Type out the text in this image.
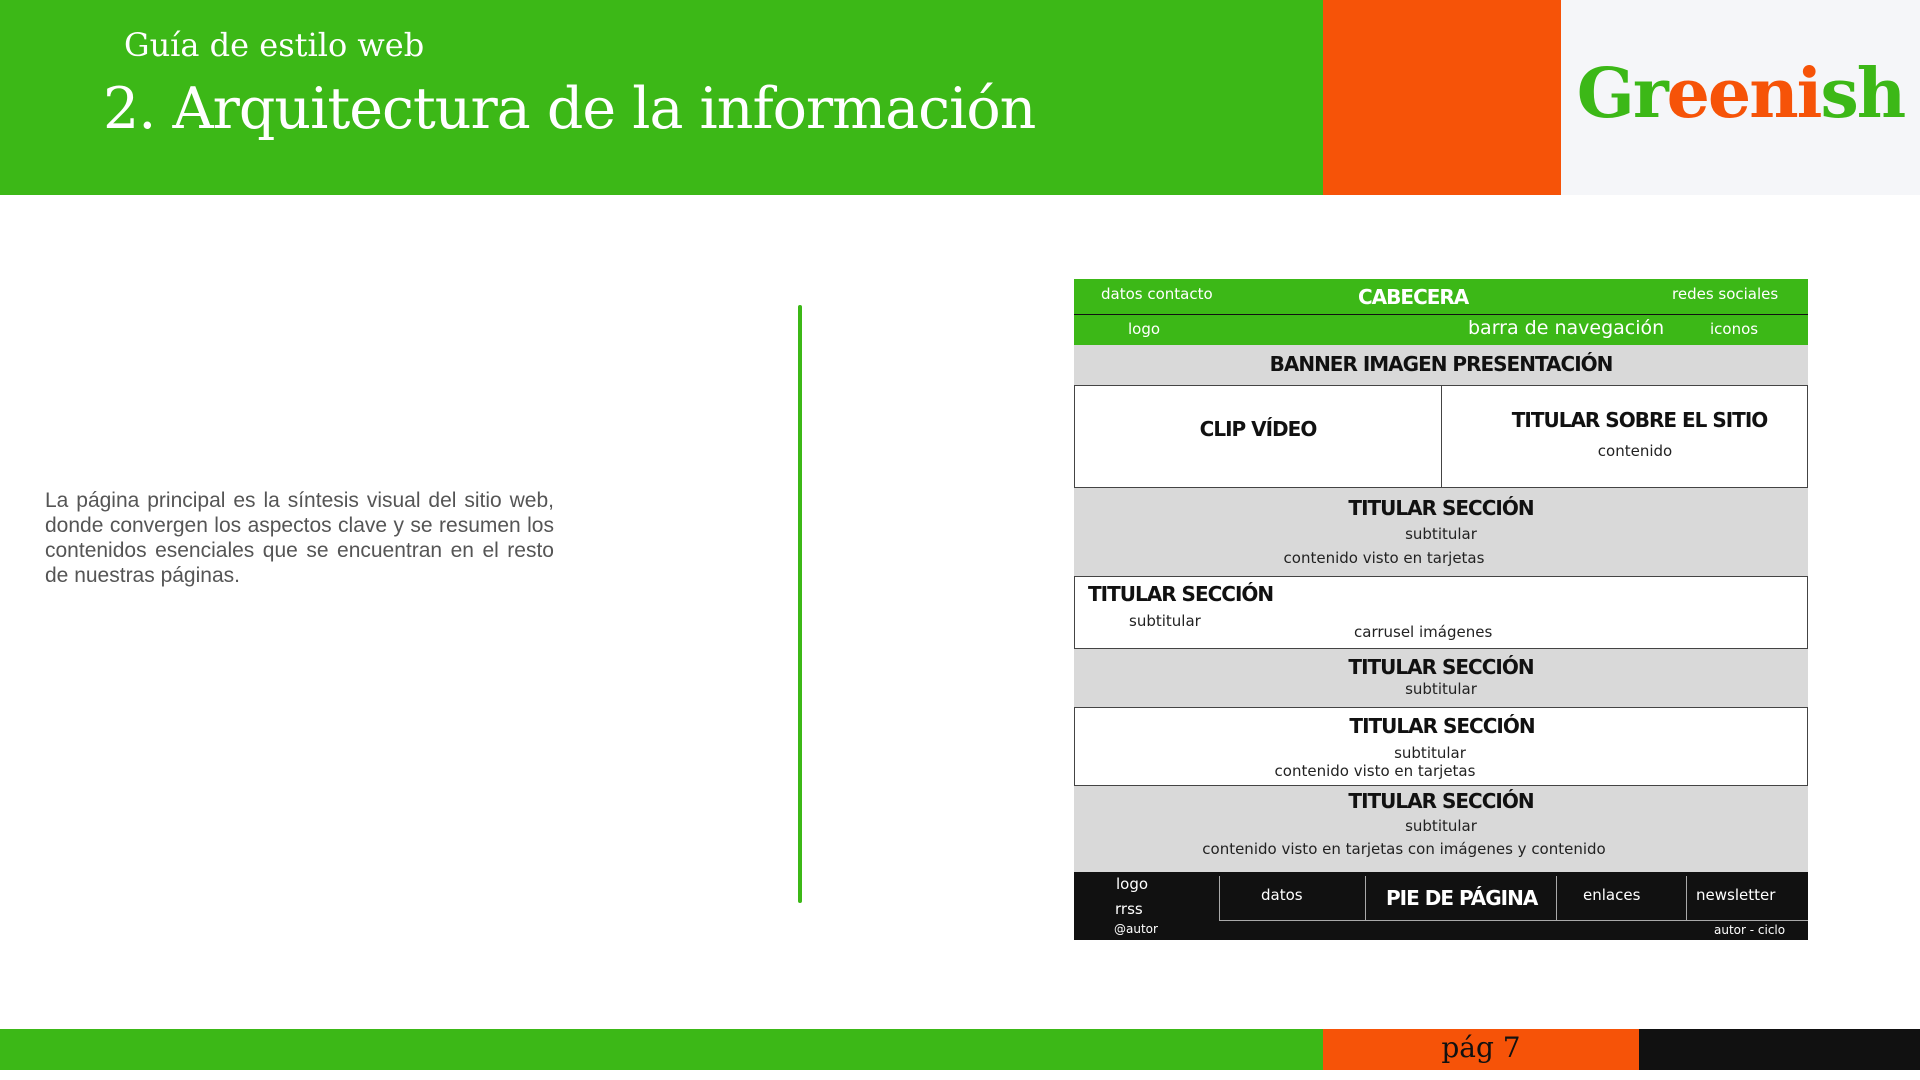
Guía de estilo web
2. Arquitectura de la información	Greenish
La página principal es la síntesis visual del sitio web, donde convergen los aspectos clave y se resumen los contenidos esenciales que se encuentran en el resto de nuestras páginas.
datos contacto	CABECERA	redes sociales
logo	barra de navegación	iconos
BANNER IMAGEN PRESENTACIÓN
CLIP VÍDEO	TITULAR SOBRE EL SITIO
contenido
TITULAR SECCIÓN
subtitular
contenido visto en tarjetas
TITULAR SECCIÓN
subtitular
carrusel imágenes
TITULAR SECCIÓN
subtitular
TITULAR SECCIÓN
subtitular
contenido visto en tarjetas
TITULAR SECCIÓN
subtitular
contenido visto en tarjetas con imágenes y contenido
logo
rrss
datos	PIE DE PÁGINA	enlaces	newsletter
@autor	autor - ciclo
pág 7
